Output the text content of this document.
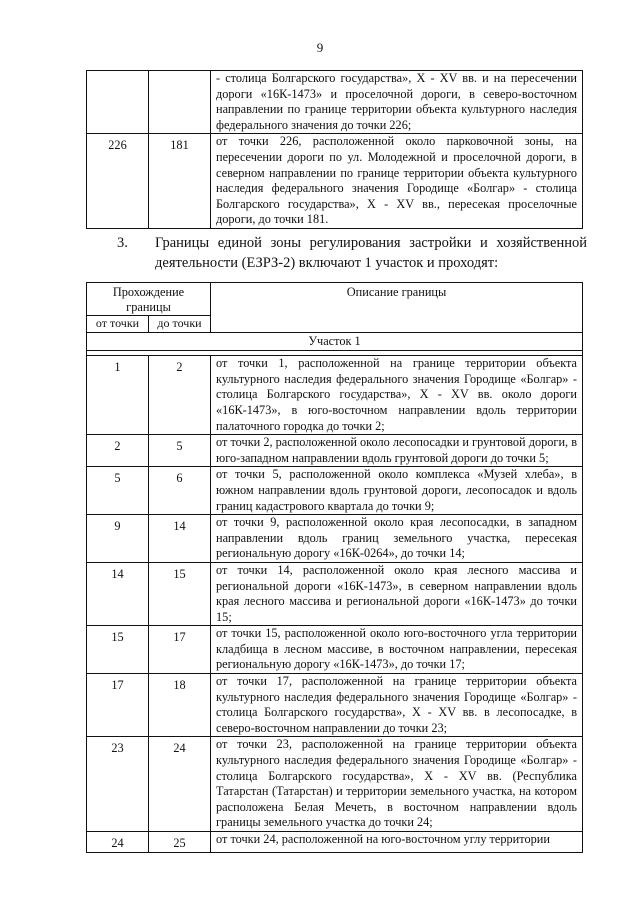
9
		- столица Болгарского государства», X - XV вв. и на пересечении дороги «16К-1473» и проселочной дороги, в северо-восточном направлении по границе территории объекта культурного наследия федерального значения до точки 226;
226	181	от точки 226, расположенной около парковочной зоны, на пересечении дороги по ул. Молодежной и проселочной дороги, в северном направлении по границе территории объекта культурного наследия федерального значения Городище «Болгар» - столица Болгарского государства», X - XV вв., пересекая проселочные дороги, до точки 181.
3. Границы единой зоны регулирования застройки и хозяйственной деятельности (ЕЗРЗ-2) включают 1 участок и проходят:
Прохождение границы		Описание границы
от точки	до точки	
Участок 1		

1	2	от точки 1, расположенной на границе территории объекта культурного наследия федерального значения Городище «Болгар» - столица Болгарского государства», X - XV вв. около дороги «16К-1473», в юго-восточном направлении вдоль территории палаточного городка до точки 2;
2	5	от точки 2, расположенной около лесопосадки и грунтовой дороги, в юго-западном направлении вдоль грунтовой дороги до точки 5;
5	6	от точки 5, расположенной около комплекса «Музей хлеба», в южном направлении вдоль грунтовой дороги, лесопосадок и вдоль границ кадастрового квартала до точки 9;
9	14	от точки 9, расположенной около края лесопосадки, в западном направлении вдоль границ земельного участка, пересекая региональную дорогу «16К-0264», до точки 14;
14	15	от точки 14, расположенной около края лесного массива и региональной дороги «16К-1473», в северном направлении вдоль края лесного массива и региональной дороги «16К-1473» до точки 15;
15	17	от точки 15, расположенной около юго-восточного угла территории кладбища в лесном массиве, в восточном направлении, пересекая региональную дорогу «16К-1473», до точки 17;
17	18	от точки 17, расположенной на границе территории объекта культурного наследия федерального значения Городище «Болгар» - столица Болгарского государства», X - XV вв. в лесопосадке, в северо-восточном направлении до точки 23;
23	24	от точки 23, расположенной на границе территории объекта культурного наследия федерального значения Городище «Болгар» - столица Болгарского государства», X - XV вв. (Республика Татарстан (Татарстан) и территории земельного участка, на котором расположена Белая Мечеть, в восточном направлении вдоль границы земельного участка до точки 24;
24	25	от точки 24, расположенной на юго-восточном углу территории
